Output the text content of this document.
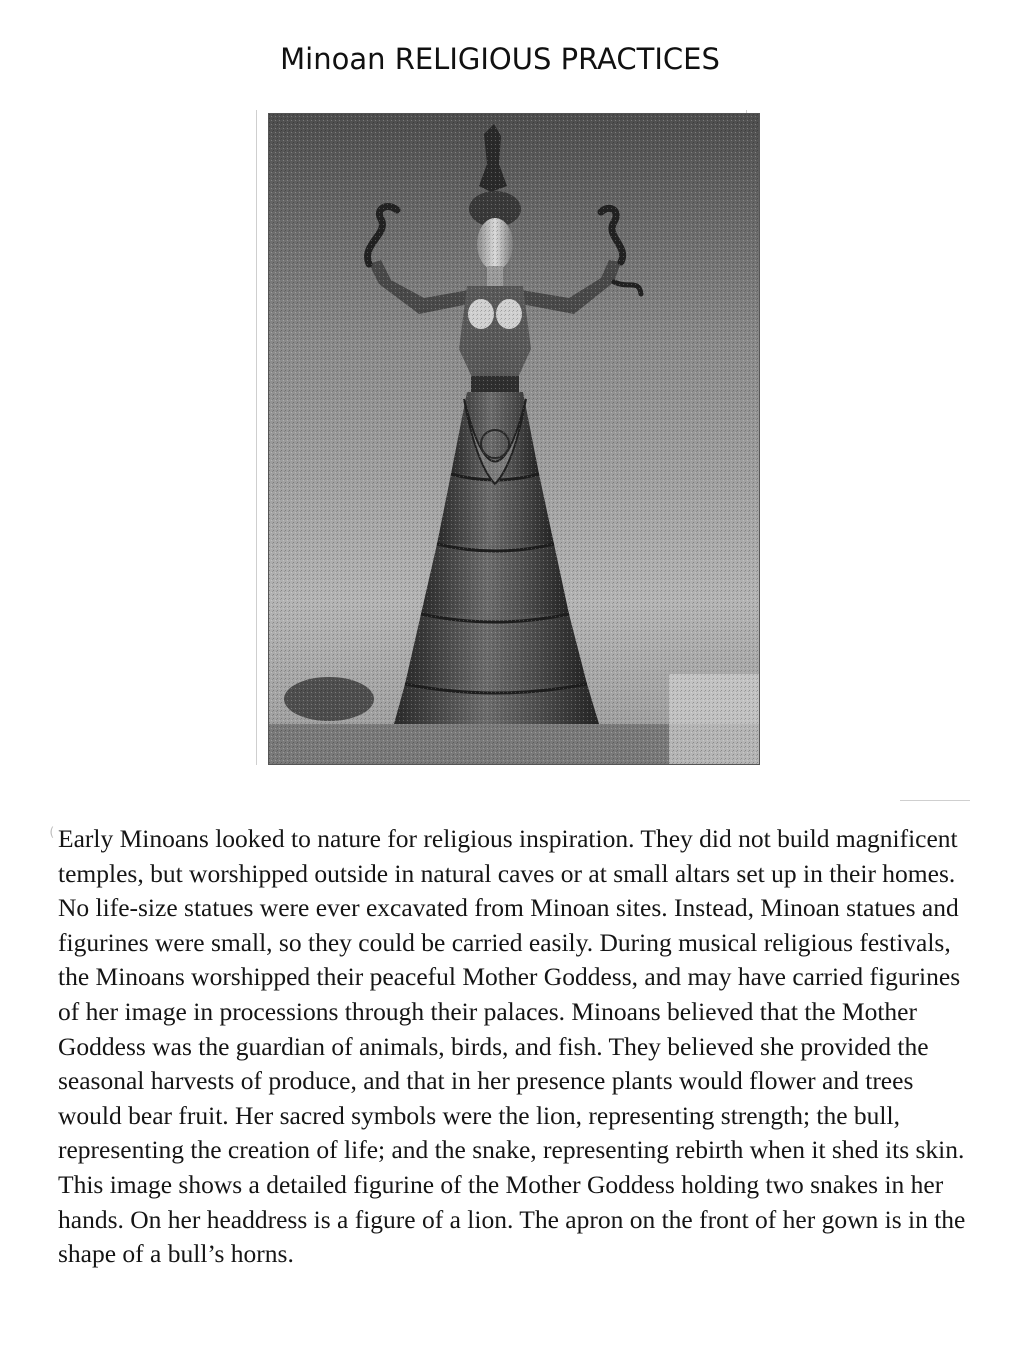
Minoan RELIGIOUS PRACTICES
Early Minoans looked to nature for religious inspiration. They did not build magnificent
temples, but worshipped outside in natural caves or at small altars set up in their homes.
No life-size statues were ever excavated from Minoan sites. Instead, Minoan statues and
figurines were small, so they could be carried easily. During musical religious festivals,
the Minoans worshipped their peaceful Mother Goddess, and may have carried figurines
of her image in processions through their palaces. Minoans believed that the Mother
Goddess was the guardian of animals, birds, and fish. They believed she provided the
seasonal harvests of produce, and that in her presence plants would flower and trees
would bear fruit. Her sacred symbols were the lion, representing strength; the bull,
representing the creation of life; and the snake, representing rebirth when it shed its skin.
This image shows a detailed figurine of the Mother Goddess holding two snakes in her
hands. On her headdress is a figure of a lion. The apron on the front of her gown is in the
shape of a bull’s horns.
(
